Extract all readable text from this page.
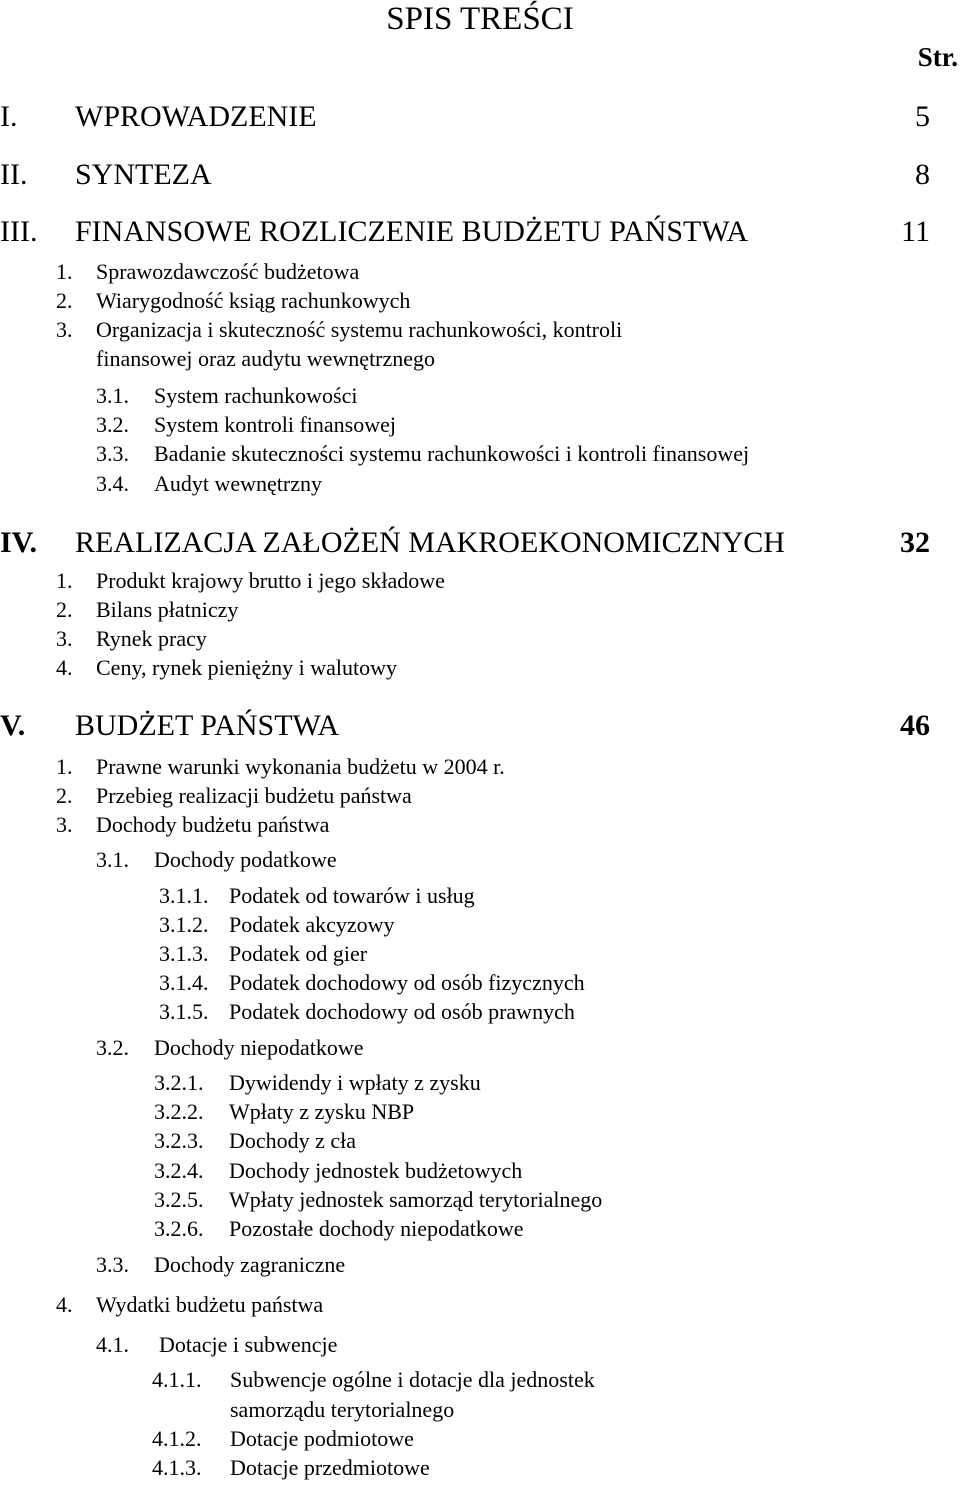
SPIS TREŚCI
Str.
I. WPROWADZENIE	5
II. SYNTEZA	8
III. FINANSOWE ROZLICZENIE BUDŻETU PAŃSTWA	11
1. Sprawozdawczość budżetowa
2. Wiarygodność ksiąg rachunkowych
3. Organizacja i skuteczność systemu rachunkowości, kontroli
finansowej oraz audytu wewnętrznego
3.1. System rachunkowości
3.2. System kontroli finansowej
3.3. Badanie skuteczności systemu rachunkowości i kontroli finansowej
3.4. Audyt wewnętrzny
IV. REALIZACJA ZAŁOŻEŃ MAKROEKONOMICZNYCH	32
1. Produkt krajowy brutto i jego składowe
2. Bilans płatniczy
3. Rynek pracy
4. Ceny, rynek pieniężny i walutowy
V. BUDŻET PAŃSTWA	46
1. Prawne warunki wykonania budżetu w 2004 r.
2. Przebieg realizacji budżetu państwa
3. Dochody budżetu państwa
3.1. Dochody podatkowe
3.1.1. Podatek od towarów i usług
3.1.2. Podatek akcyzowy
3.1.3. Podatek od gier
3.1.4. Podatek dochodowy od osób fizycznych
3.1.5. Podatek dochodowy od osób prawnych
3.2. Dochody niepodatkowe
3.2.1. Dywidendy i wpłaty z zysku
3.2.2. Wpłaty z zysku NBP
3.2.3. Dochody z cła
3.2.4. Dochody jednostek budżetowych
3.2.5. Wpłaty jednostek samorząd terytorialnego
3.2.6. Pozostałe dochody niepodatkowe
3.3. Dochody zagraniczne
4. Wydatki budżetu państwa
4.1. Dotacje i subwencje
4.1.1. Subwencje ogólne i dotacje dla jednostek
samorządu terytorialnego
4.1.2. Dotacje podmiotowe
4.1.3. Dotacje przedmiotowe
